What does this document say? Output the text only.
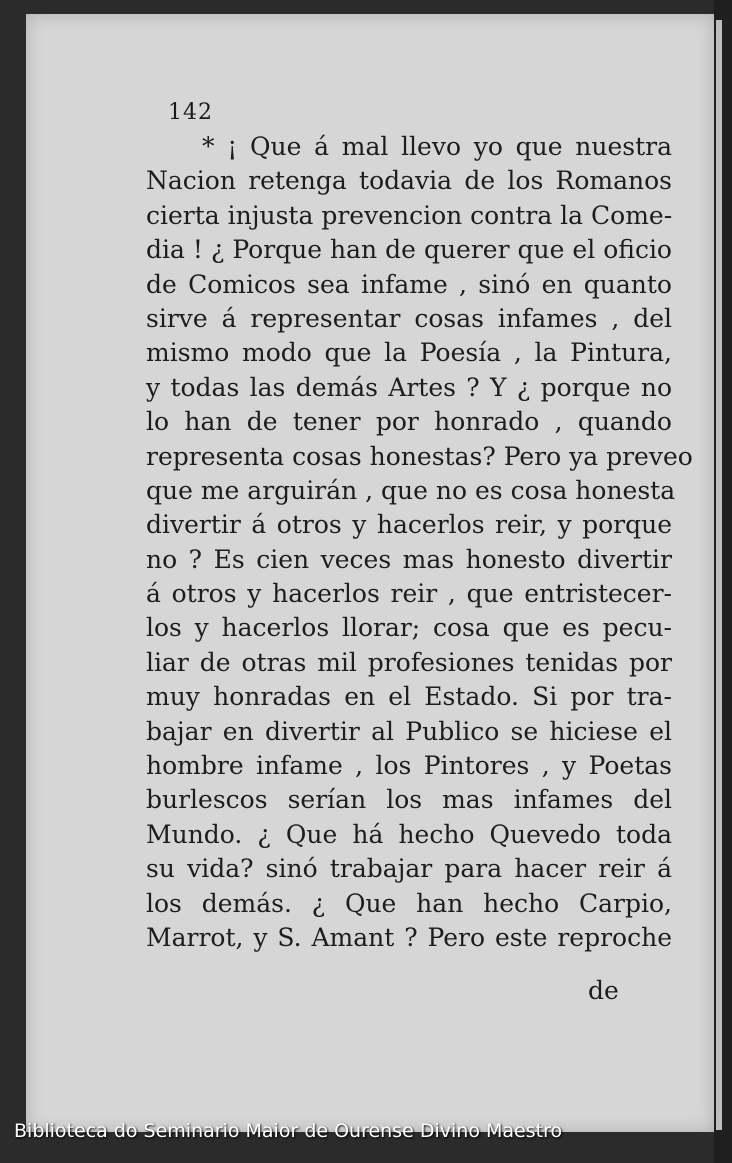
142
* ¡ Que á mal llevo yo que nuestra
Nacion retenga todavia de los Romanos
cierta injusta prevencion contra la Come-
dia ! ¿ Porque han de querer que el oficio
de Comicos sea infame , sinó en quanto
sirve á representar cosas infames , del
mismo modo que la Poesía , la Pintura,
y todas las demás Artes ? Y ¿ porque no
lo han de tener por honrado , quando
representa cosas honestas? Pero ya preveo
que me arguirán , que no es cosa honesta
divertir á otros y hacerlos reir, y porque
no ? Es cien veces mas honesto divertir
á otros y hacerlos reir , que entristecer-
los y hacerlos llorar; cosa que es pecu-
liar de otras mil profesiones tenidas por
muy honradas en el Estado. Si por tra-
bajar en divertir al Publico se hiciese el
hombre infame , los Pintores , y Poetas
burlescos serían los mas infames del
Mundo. ¿ Que há hecho Quevedo toda
su vida? sinó trabajar para hacer reir á
los demás. ¿ Que han hecho Carpio,
Marrot, y S. Amant ? Pero este reproche
de
Biblioteca do Seminario Maior de Ourense Divino Maestro
